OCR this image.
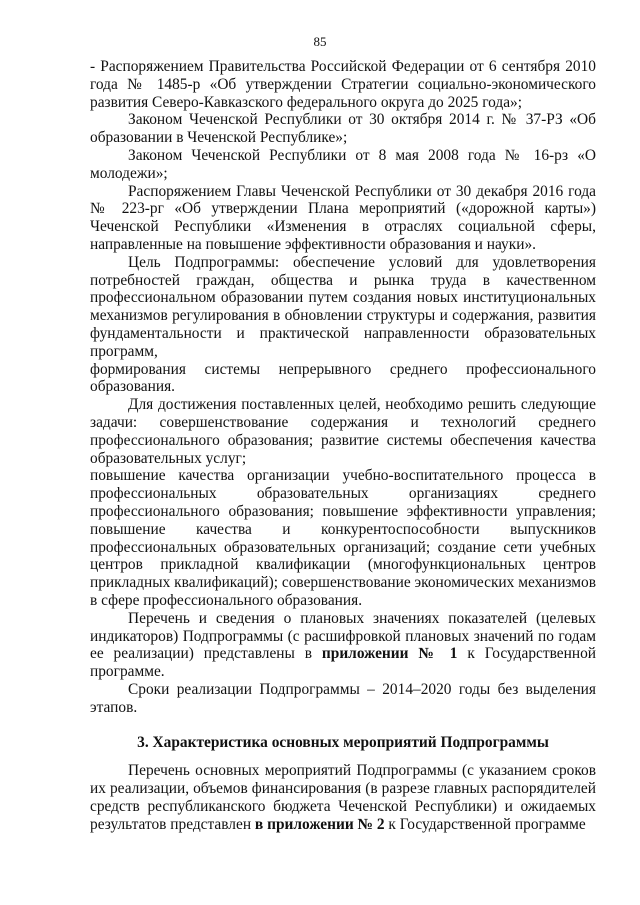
85

- Распоряжением Правительства Российской Федерации от 6 сентября 2010 года № 1485-р «Об утверждении Стратегии социально-экономического развития Северо-Кавказского федерального округа до 2025 года»;

Законом Чеченской Республики от 30 октября 2014 г. № 37-РЗ «Об образовании в Чеченской Республике»;

Законом Чеченской Республики от 8 мая 2008 года № 16-рз «О молодежи»;

Распоряжением Главы Чеченской Республики от 30 декабря 2016 года № 223-рг «Об утверждении Плана мероприятий («дорожной карты») Чеченской Республики «Изменения в отраслях социальной сферы, направленные на повышение эффективности образования и науки».

Цель Подпрограммы: обеспечение условий для удовлетворения потребностей граждан, общества и рынка труда в качественном профессиональном образовании путем создания новых институциональных механизмов регулирования в обновлении структуры и содержания, развития фундаментальности и практической направленности образовательных программ,

формирования системы непрерывного среднего профессионального образования.

Для достижения поставленных целей, необходимо решить следующие задачи: совершенствование содержания и технологий среднего профессионального образования; развитие системы обеспечения качества образовательных услуг;

повышение качества организации учебно-воспитательного процесса в профессиональных образовательных организациях среднего профессионального образования; повышение эффективности управления; повышение качества и конкурентоспособности выпускников профессиональных образовательных организаций; создание сети учебных центров прикладной квалификации (многофункциональных центров прикладных квалификаций); совершенствование экономических механизмов в сфере профессионального образования.

Перечень и сведения о плановых значениях показателей (целевых индикаторов) Подпрограммы (с расшифровкой плановых значений по годам ее реализации) представлены в приложении № 1 к Государственной программе.

Сроки реализации Подпрограммы – 2014–2020 годы без выделения этапов.

3. Характеристика основных мероприятий Подпрограммы

Перечень основных мероприятий Подпрограммы (с указанием сроков их реализации, объемов финансирования (в разрезе главных распорядителей средств республиканского бюджета Чеченской Республики) и ожидаемых результатов представлен в приложении № 2 к Государственной программе
